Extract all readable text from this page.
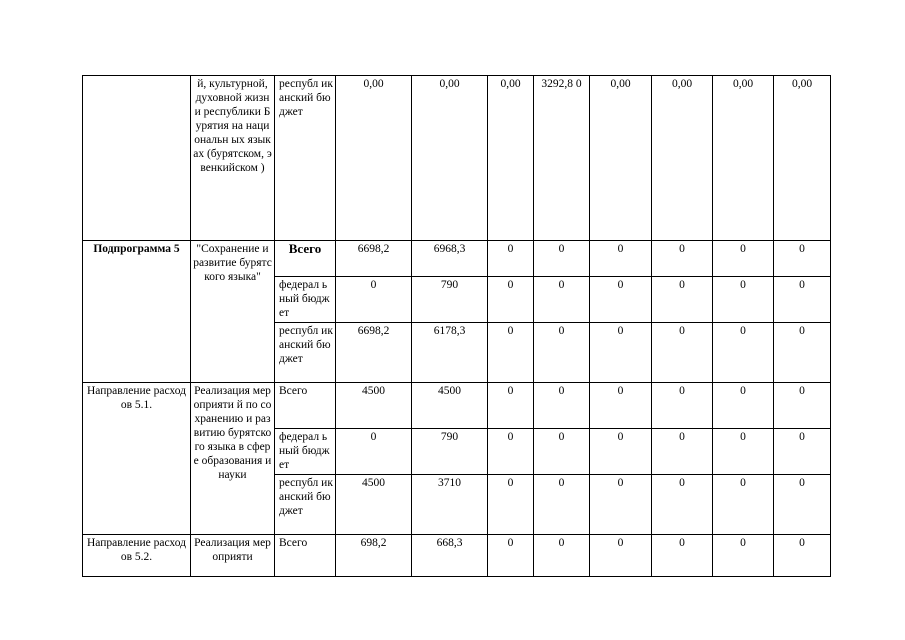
	й, культурной, духовной жизни республики Бурятия на национальн ых языках (бурятском, эвенкийском )	республ иканский бюджет	0,00	0,00	0,00	3292,8 0	0,00	0,00	0,00	0,00
Подпрограмма 5	"Сохранение и развитие бурятского языка"	Всего	6698,2	6968,3	0	0	0	0	0	0
		федерал ьный бюджет	0	790	0	0	0	0	0	0
		республ иканский бюджет	6698,2	6178,3	0	0	0	0	0	0
Направление расходов 5.1.	Реализация мероприяти й по сохранению и развитию бурятского языка в сфере образования и науки	Всего	4500	4500	0	0	0	0	0	0
		федерал ьный бюджет	0	790	0	0	0	0	0	0
		республ иканский бюджет	4500	3710	0	0	0	0	0	0
Направление расходов 5.2.	Реализация мероприяти	Всего	698,2	668,3	0	0	0	0	0	0
